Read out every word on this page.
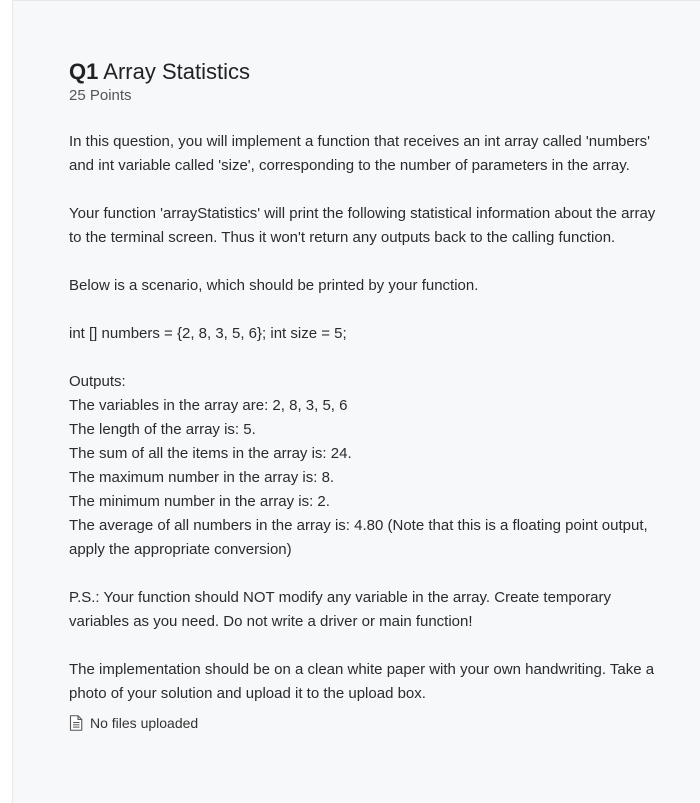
Q1 Array Statistics
25 Points

In this question, you will implement a function that receives an int array called 'numbers' and int variable called 'size', corresponding to the number of parameters in the array.

Your function 'arrayStatistics' will print the following statistical information about the array to the terminal screen. Thus it won't return any outputs back to the calling function.

Below is a scenario, which should be printed by your function.

int [] numbers = {2, 8, 3, 5, 6}; int size = 5;

Outputs:

The variables in the array are: 2, 8, 3, 5, 6

The length of the array is: 5.

The sum of all the items in the array is: 24.

The maximum number in the array is: 8.

The minimum number in the array is: 2.

The average of all numbers in the array is: 4.80 (Note that this is a floating point output, apply the appropriate conversion)

P.S.: Your function should NOT modify any variable in the array. Create temporary variables as you need. Do not write a driver or main function!

The implementation should be on a clean white paper with your own handwriting. Take a photo of your solution and upload it to the upload box.

No files uploaded
